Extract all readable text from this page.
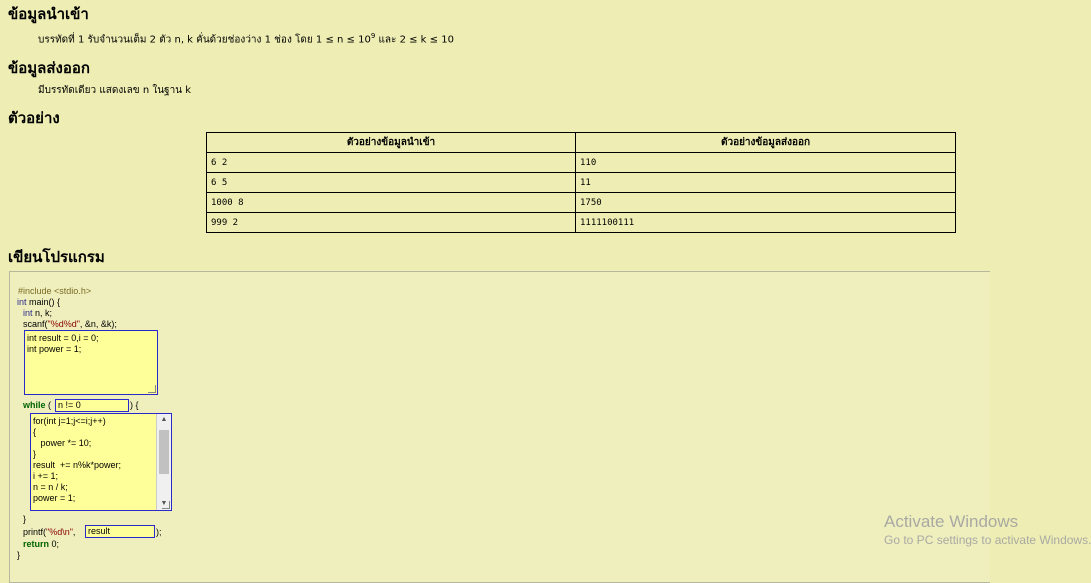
ข้อมูลนำเข้า

บรรทัดที่ 1 รับจำนวนเต็ม 2 ตัว n, k คั่นด้วยช่องว่าง 1 ช่อง โดย $1 \le n \le 10^9$ และ 2 ≤ k ≤ 10

ข้อมูลส่งออก

มีบรรทัดเดียว แสดงเลข n ในฐาน k

ตัวอย่าง
ตัวอย่างข้อมูลนำเข้า	ตัวอย่างข้อมูลส่งออก
6 2	110
6 5	11
1000 8	1750
999 2	1111100111
เขียนโปรแกรม
#include <stdio.h>
int main() {
int n, k;
scanf("%d%d", &n, &k);
int result = 0,i = 0;
int power = 1;
while ( n != 0	) {
for(int j=1;j<=i;j++)
{
power *= 10;
}
result  += n%k*power;
i += 1;
n = n / k;
power = 1;
▲
▼
}
printf("%d\n",	result	);
return 0;
}
Activate Windows
Go to PC settings to activate Windows.
